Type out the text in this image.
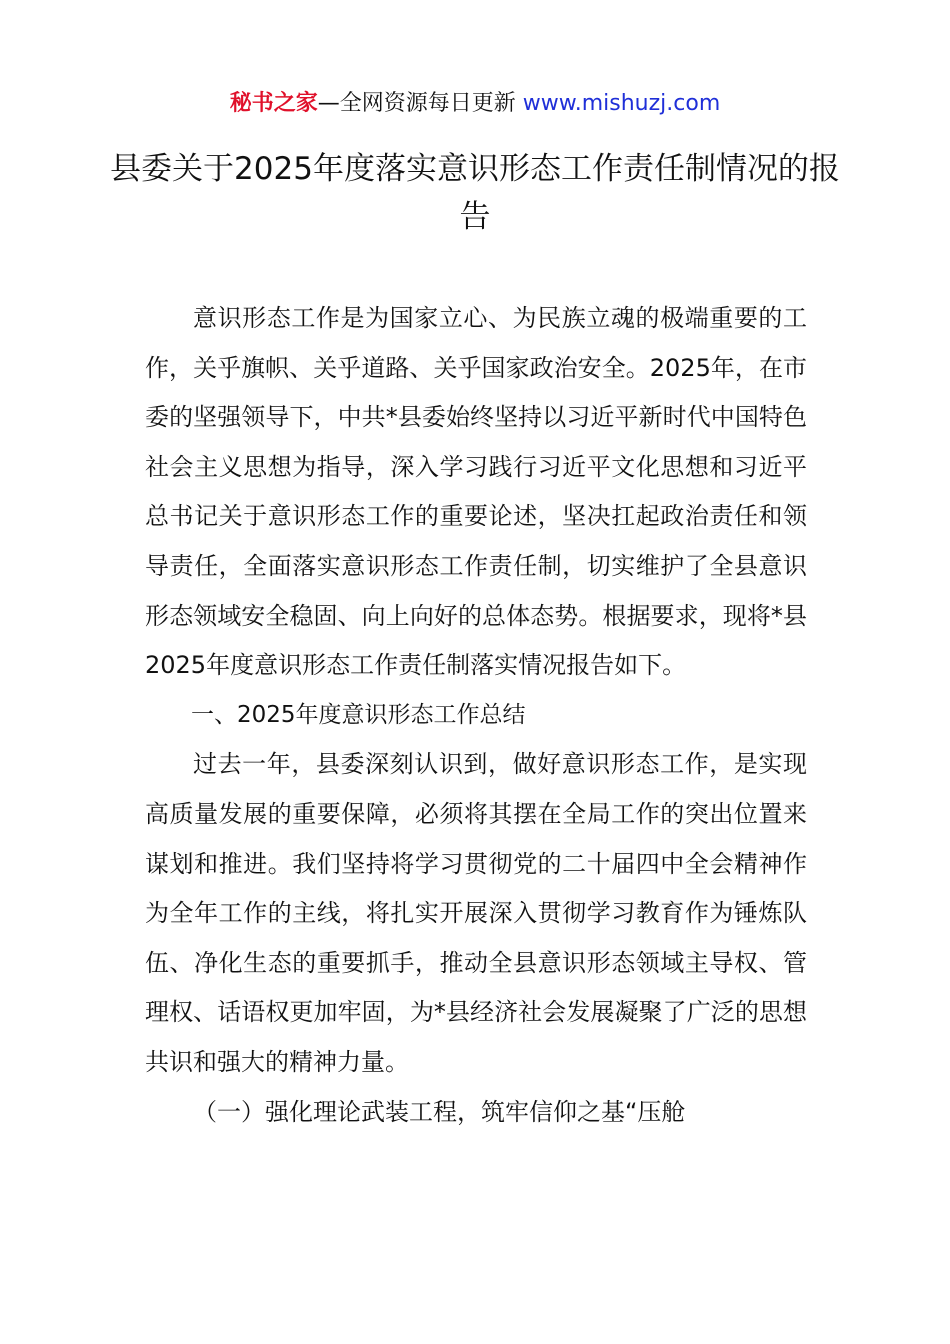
秘书之家—全网资源每日更新 www.mishuzj.com
县委关于2025年度落实意识形态工作责任制情况的报告

意识形态工作是为国家立心、为民族立魂的极端重要的工作，关乎旗帜、关乎道路、关乎国家政治安全。2025年，在市委的坚强领导下，中共*县委始终坚持以习近平新时代中国特色社会主义思想为指导，深入学习践行习近平文化思想和习近平总书记关于意识形态工作的重要论述，坚决扛起政治责任和领导责任，全面落实意识形态工作责任制，切实维护了全县意识形态领域安全稳固、向上向好的总体态势。根据要求，现将*县2025年度意识形态工作责任制落实情况报告如下。

一、2025年度意识形态工作总结

过去一年，县委深刻认识到，做好意识形态工作，是实现高质量发展的重要保障，必须将其摆在全局工作的突出位置来谋划和推进。我们坚持将学习贯彻党的二十届四中全会精神作为全年工作的主线，将扎实开展深入贯彻学习教育作为锤炼队伍、净化生态的重要抓手，推动全县意识形态领域主导权、管理权、话语权更加牢固，为*县经济社会发展凝聚了广泛的思想共识和强大的精神力量。

（一）强化理论武装工程，筑牢信仰之基“压舱
